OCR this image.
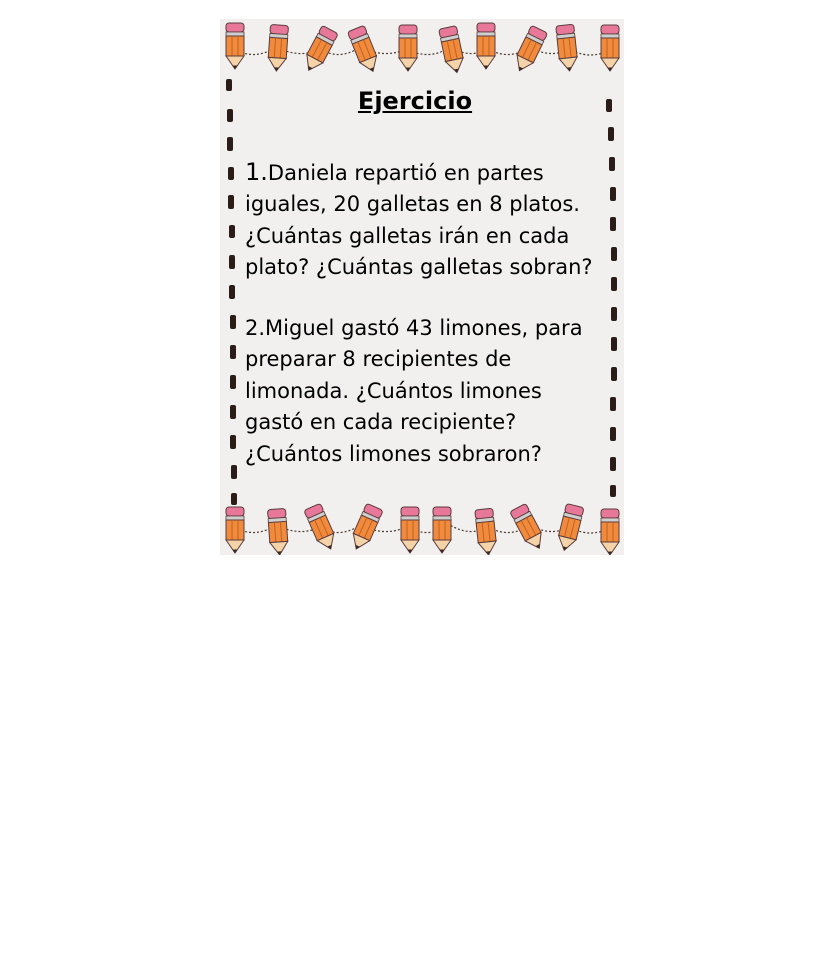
Ejercicio

1.Daniela repartió en partes iguales, 20 galletas en 8 platos. ¿Cuántas galletas irán en cada plato? ¿Cuántas galletas sobran?

2.Miguel gastó 43 limones, para preparar 8 recipientes de limonada. ¿Cuántos limones gastó en cada recipiente? ¿Cuántos limones sobraron?
